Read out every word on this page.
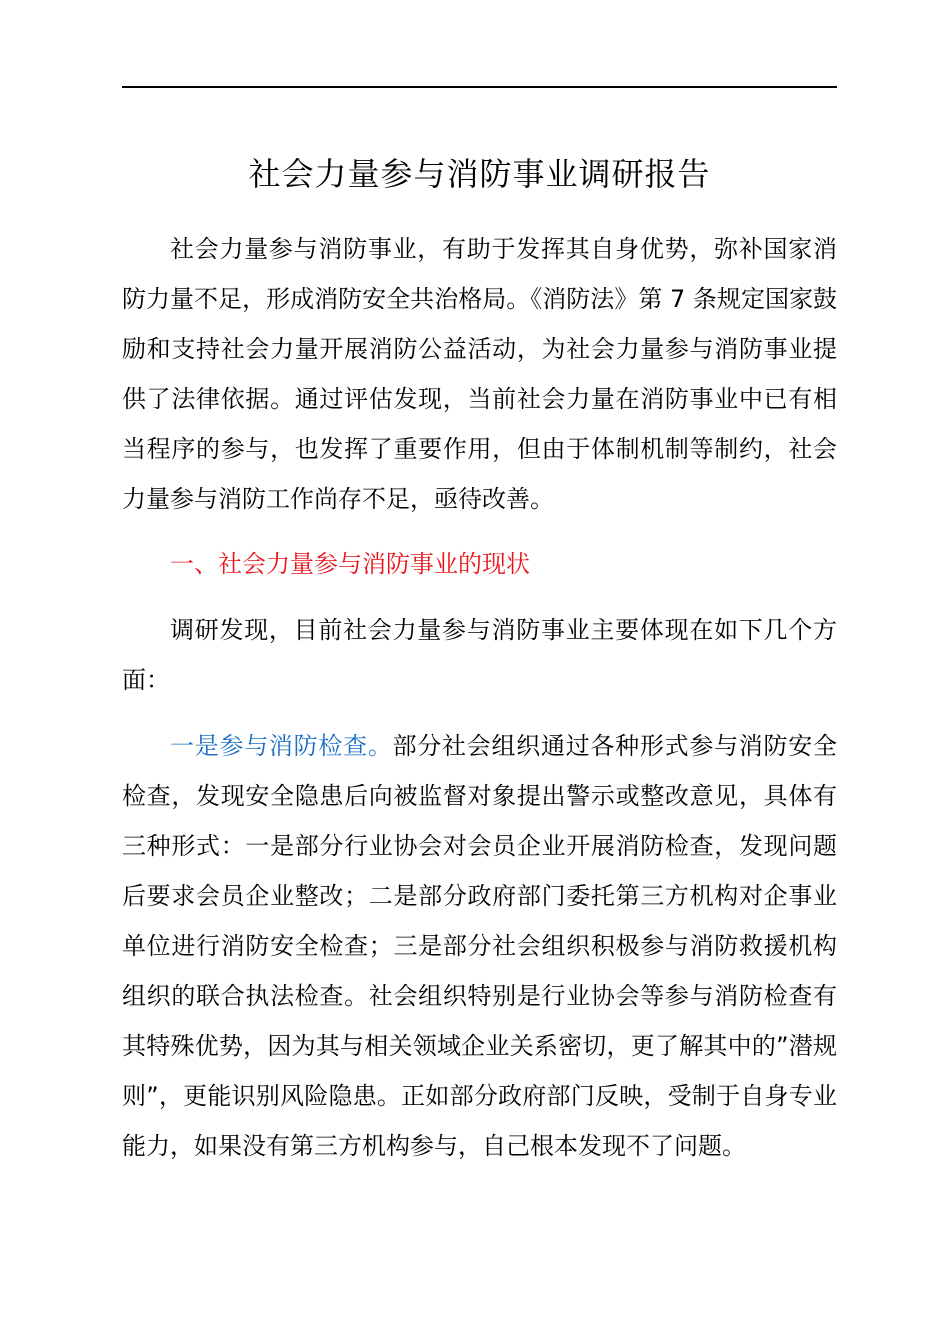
社会力量参与消防事业调研报告

社会力量参与消防事业，有助于发挥其自身优势，弥补国家消防力量不足，形成消防安全共治格局。《消防法》第 7 条规定国家鼓励和支持社会力量开展消防公益活动，为社会力量参与消防事业提供了法律依据。通过评估发现，当前社会力量在消防事业中已有相当程序的参与，也发挥了重要作用，但由于体制机制等制约，社会力量参与消防工作尚存不足，亟待改善。

一、社会力量参与消防事业的现状

调研发现，目前社会力量参与消防事业主要体现在如下几个方面：

一是参与消防检查。部分社会组织通过各种形式参与消防安全检查，发现安全隐患后向被监督对象提出警示或整改意见，具体有三种形式：一是部分行业协会对会员企业开展消防检查，发现问题后要求会员企业整改；二是部分政府部门委托第三方机构对企事业单位进行消防安全检查；三是部分社会组织积极参与消防救援机构组织的联合执法检查。社会组织特别是行业协会等参与消防检查有其特殊优势，因为其与相关领域企业关系密切，更了解其中的”潜规则”，更能识别风险隐患。正如部分政府部门反映，受制于自身专业能力，如果没有第三方机构参与，自己根本发现不了问题。
